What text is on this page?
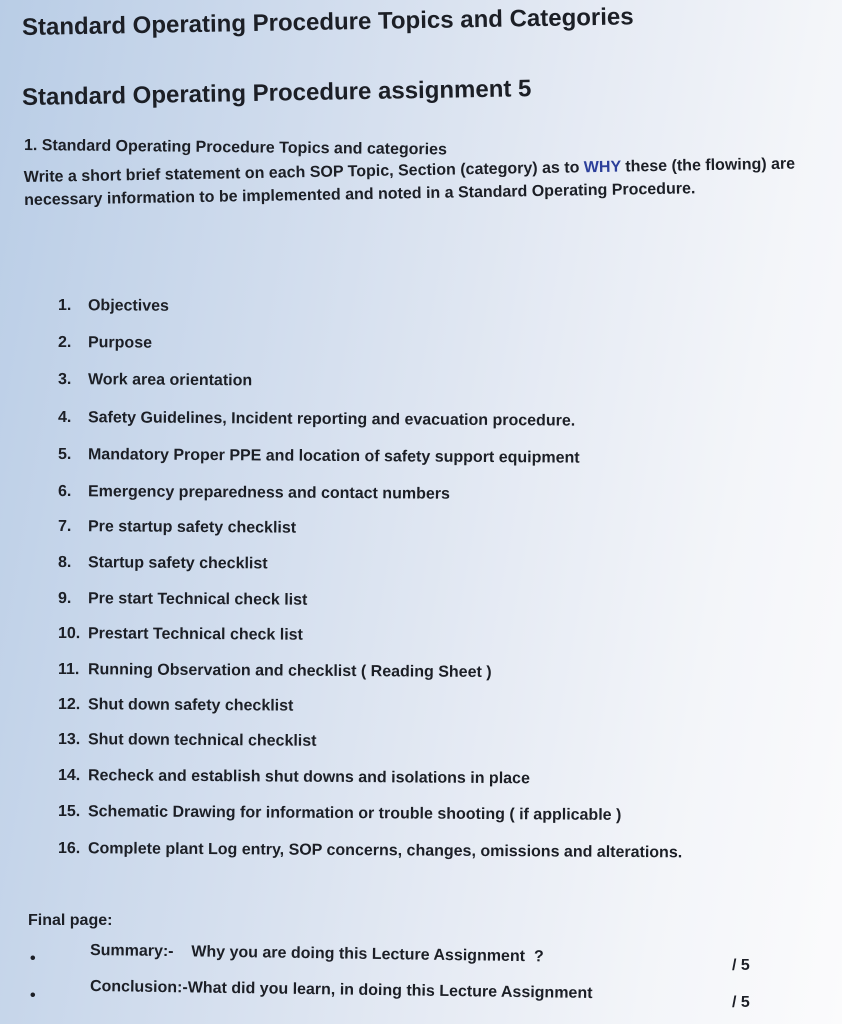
Standard Operating Procedure Topics and Categories
Standard Operating Procedure assignment 5
1. Standard Operating Procedure Topics and categories
Write a short brief statement on each SOP Topic, Section (category) as to WHY these (the flowing) are necessary information to be implemented and noted in a Standard Operating Procedure.
1. Objectives
2. Purpose
3. Work area orientation
4. Safety Guidelines, Incident reporting and evacuation procedure.
5. Mandatory Proper PPE and location of safety support equipment
6. Emergency preparedness and contact numbers
7. Pre startup safety checklist
8. Startup safety checklist
9. Pre start Technical check list
10. Prestart Technical check list
11. Running Observation and checklist ( Reading Sheet )
12. Shut down safety checklist
13. Shut down technical checklist
14. Recheck and establish shut downs and isolations in place
15. Schematic Drawing for information or trouble shooting ( if applicable )
16. Complete plant Log entry, SOP concerns, changes, omissions and alterations.
Final page:
•	Summary:-    Why you are doing this Lecture Assignment  ?
/ 5
•	Conclusion:-What did you learn, in doing this Lecture Assignment
/ 5
